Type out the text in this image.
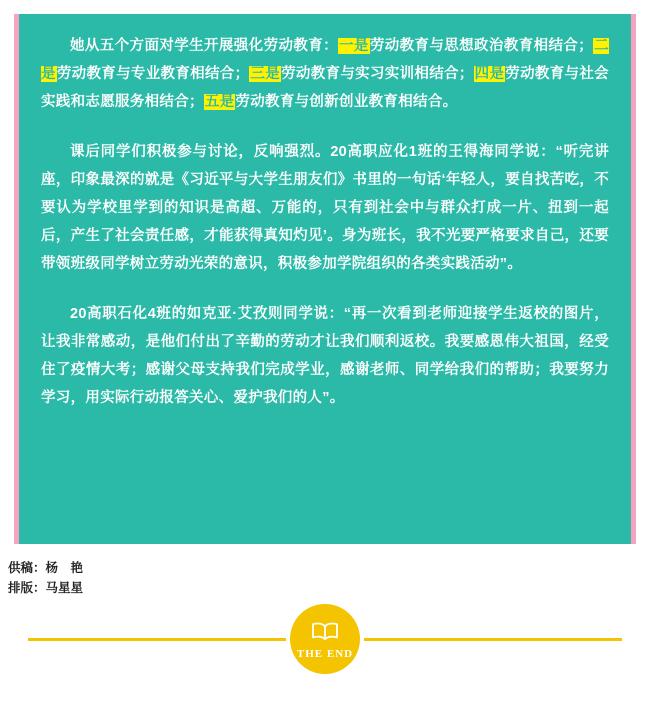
她从五个方面对学生开展强化劳动教育：一是劳动教育与思想政治教育相结合；二是劳动教育与专业教育相结合；三是劳动教育与实习实训相结合；四是劳动教育与社会实践和志愿服务相结合；五是劳动教育与创新创业教育相结合。

课后同学们积极参与讨论，反响强烈。20高职应化1班的王得海同学说：“听完讲座，印象最深的就是《习近平与大学生朋友们》书里的一句话‘年轻人，要自找苦吃，不要认为学校里学到的知识是高超、万能的，只有到社会中与群众打成一片、扭到一起后，产生了社会责任感，才能获得真知灼见’。身为班长，我不光要严格要求自己，还要带领班级同学树立劳动光荣的意识，积极参加学院组织的各类实践活动”。

20高职石化4班的如克亚·艾孜则同学说：“再一次看到老师迎接学生返校的图片，让我非常感动，是他们付出了辛勤的劳动才让我们顺利返校。我要感恩伟大祖国，经受住了疫情大考；感谢父母支持我们完成学业，感谢老师、同学给我们的帮助；我要努力学习，用实际行动报答关心、爱护我们的人”。

供稿：杨　艳
排版：马星星
THE END
